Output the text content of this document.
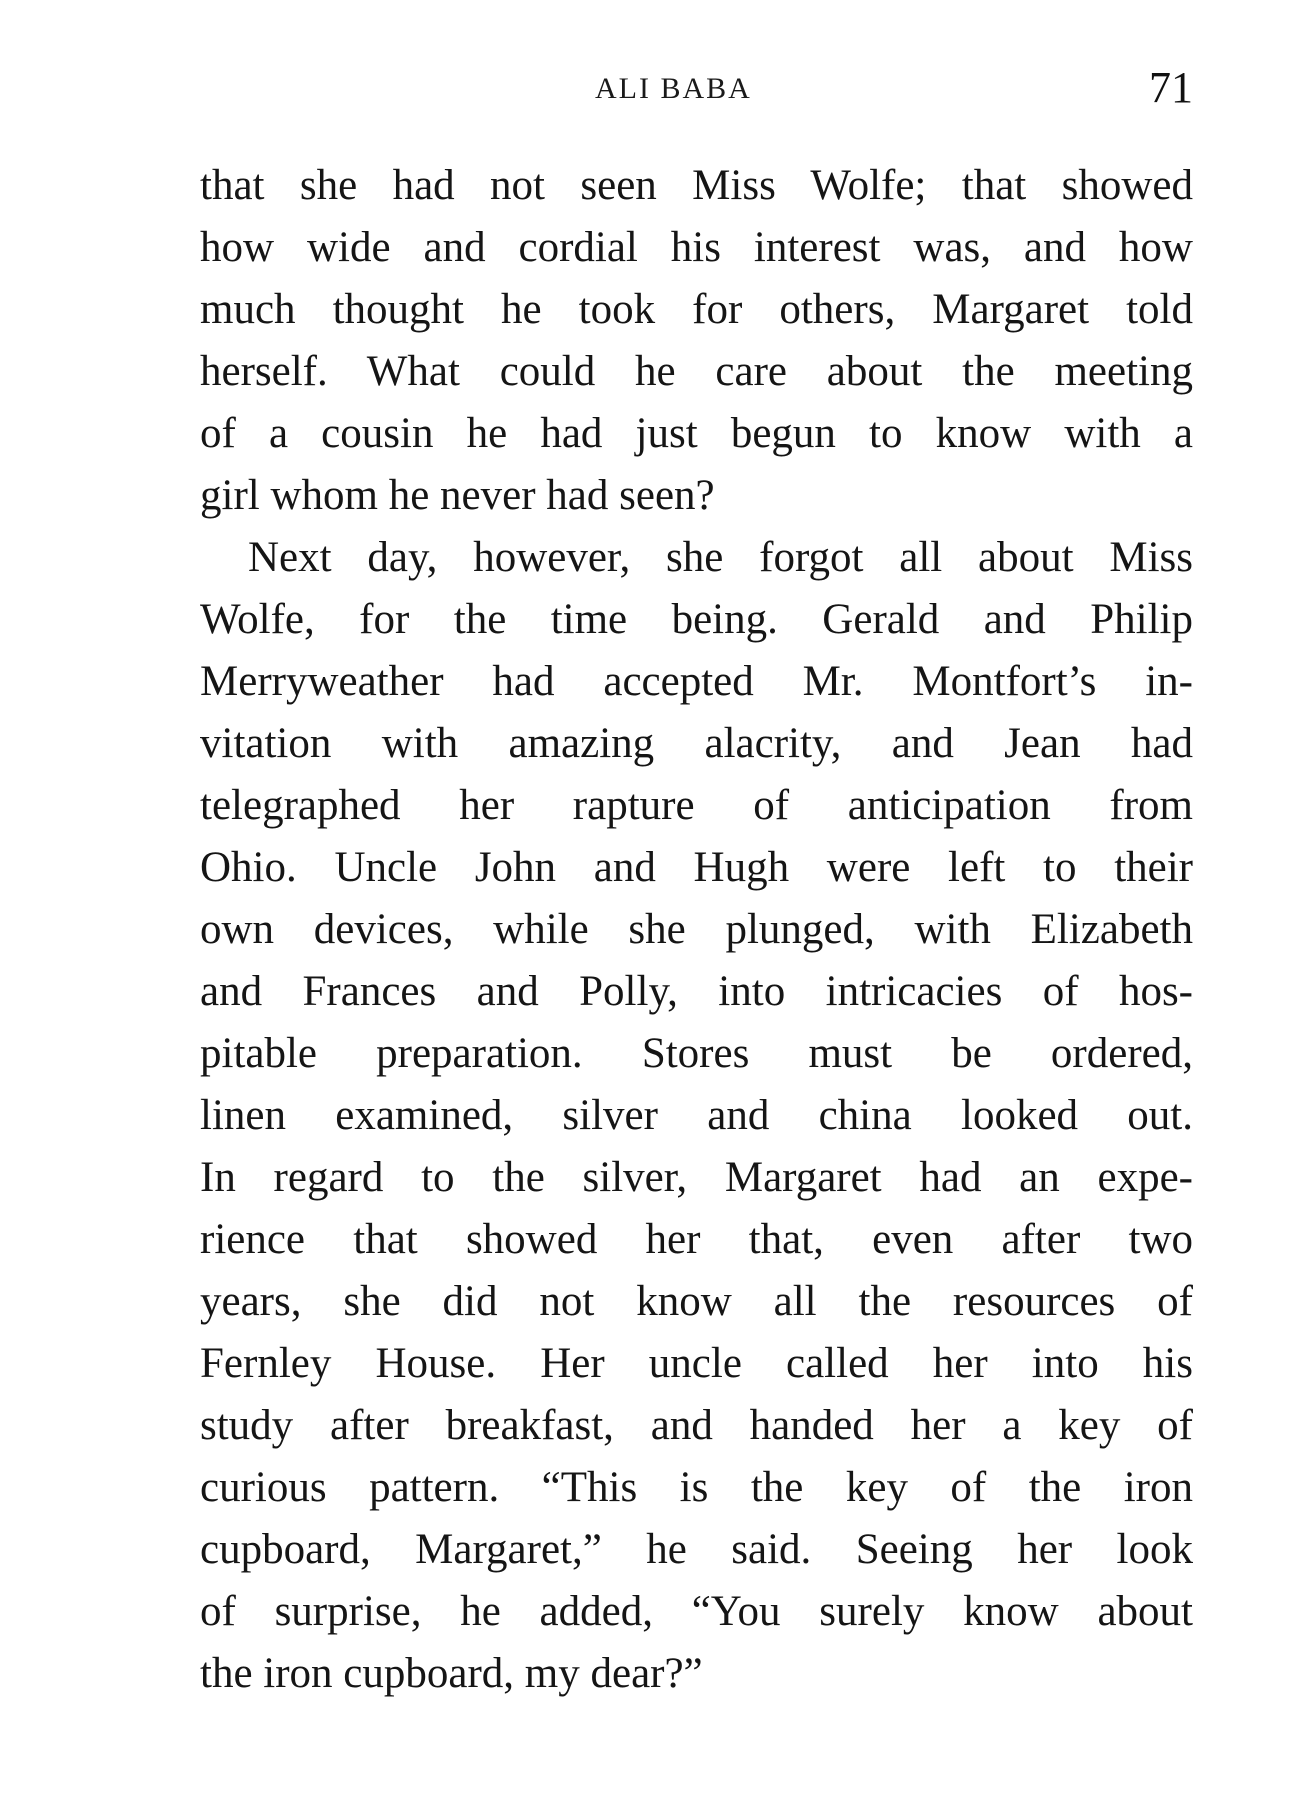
ALI BABA	71
that she had not seen Miss Wolfe; that showed
how wide and cordial his interest was, and how
much thought he took for others, Margaret told
herself. What could he care about the meeting
of a cousin he had just begun to know with a
girl whom he never had seen?
Next day, however, she forgot all about Miss
Wolfe, for the time being. Gerald and Philip
Merryweather had accepted Mr. Montfort’s in-
vitation with amazing alacrity, and Jean had
telegraphed her rapture of anticipation from
Ohio. Uncle John and Hugh were left to their
own devices, while she plunged, with Elizabeth
and Frances and Polly, into intricacies of hos-
pitable preparation. Stores must be ordered,
linen examined, silver and china looked out.
In regard to the silver, Margaret had an expe-
rience that showed her that, even after two
years, she did not know all the resources of
Fernley House. Her uncle called her into his
study after breakfast, and handed her a key of
curious pattern. “This is the key of the iron
cupboard, Margaret,” he said. Seeing her look
of surprise, he added, “You surely know about
the iron cupboard, my dear?”
